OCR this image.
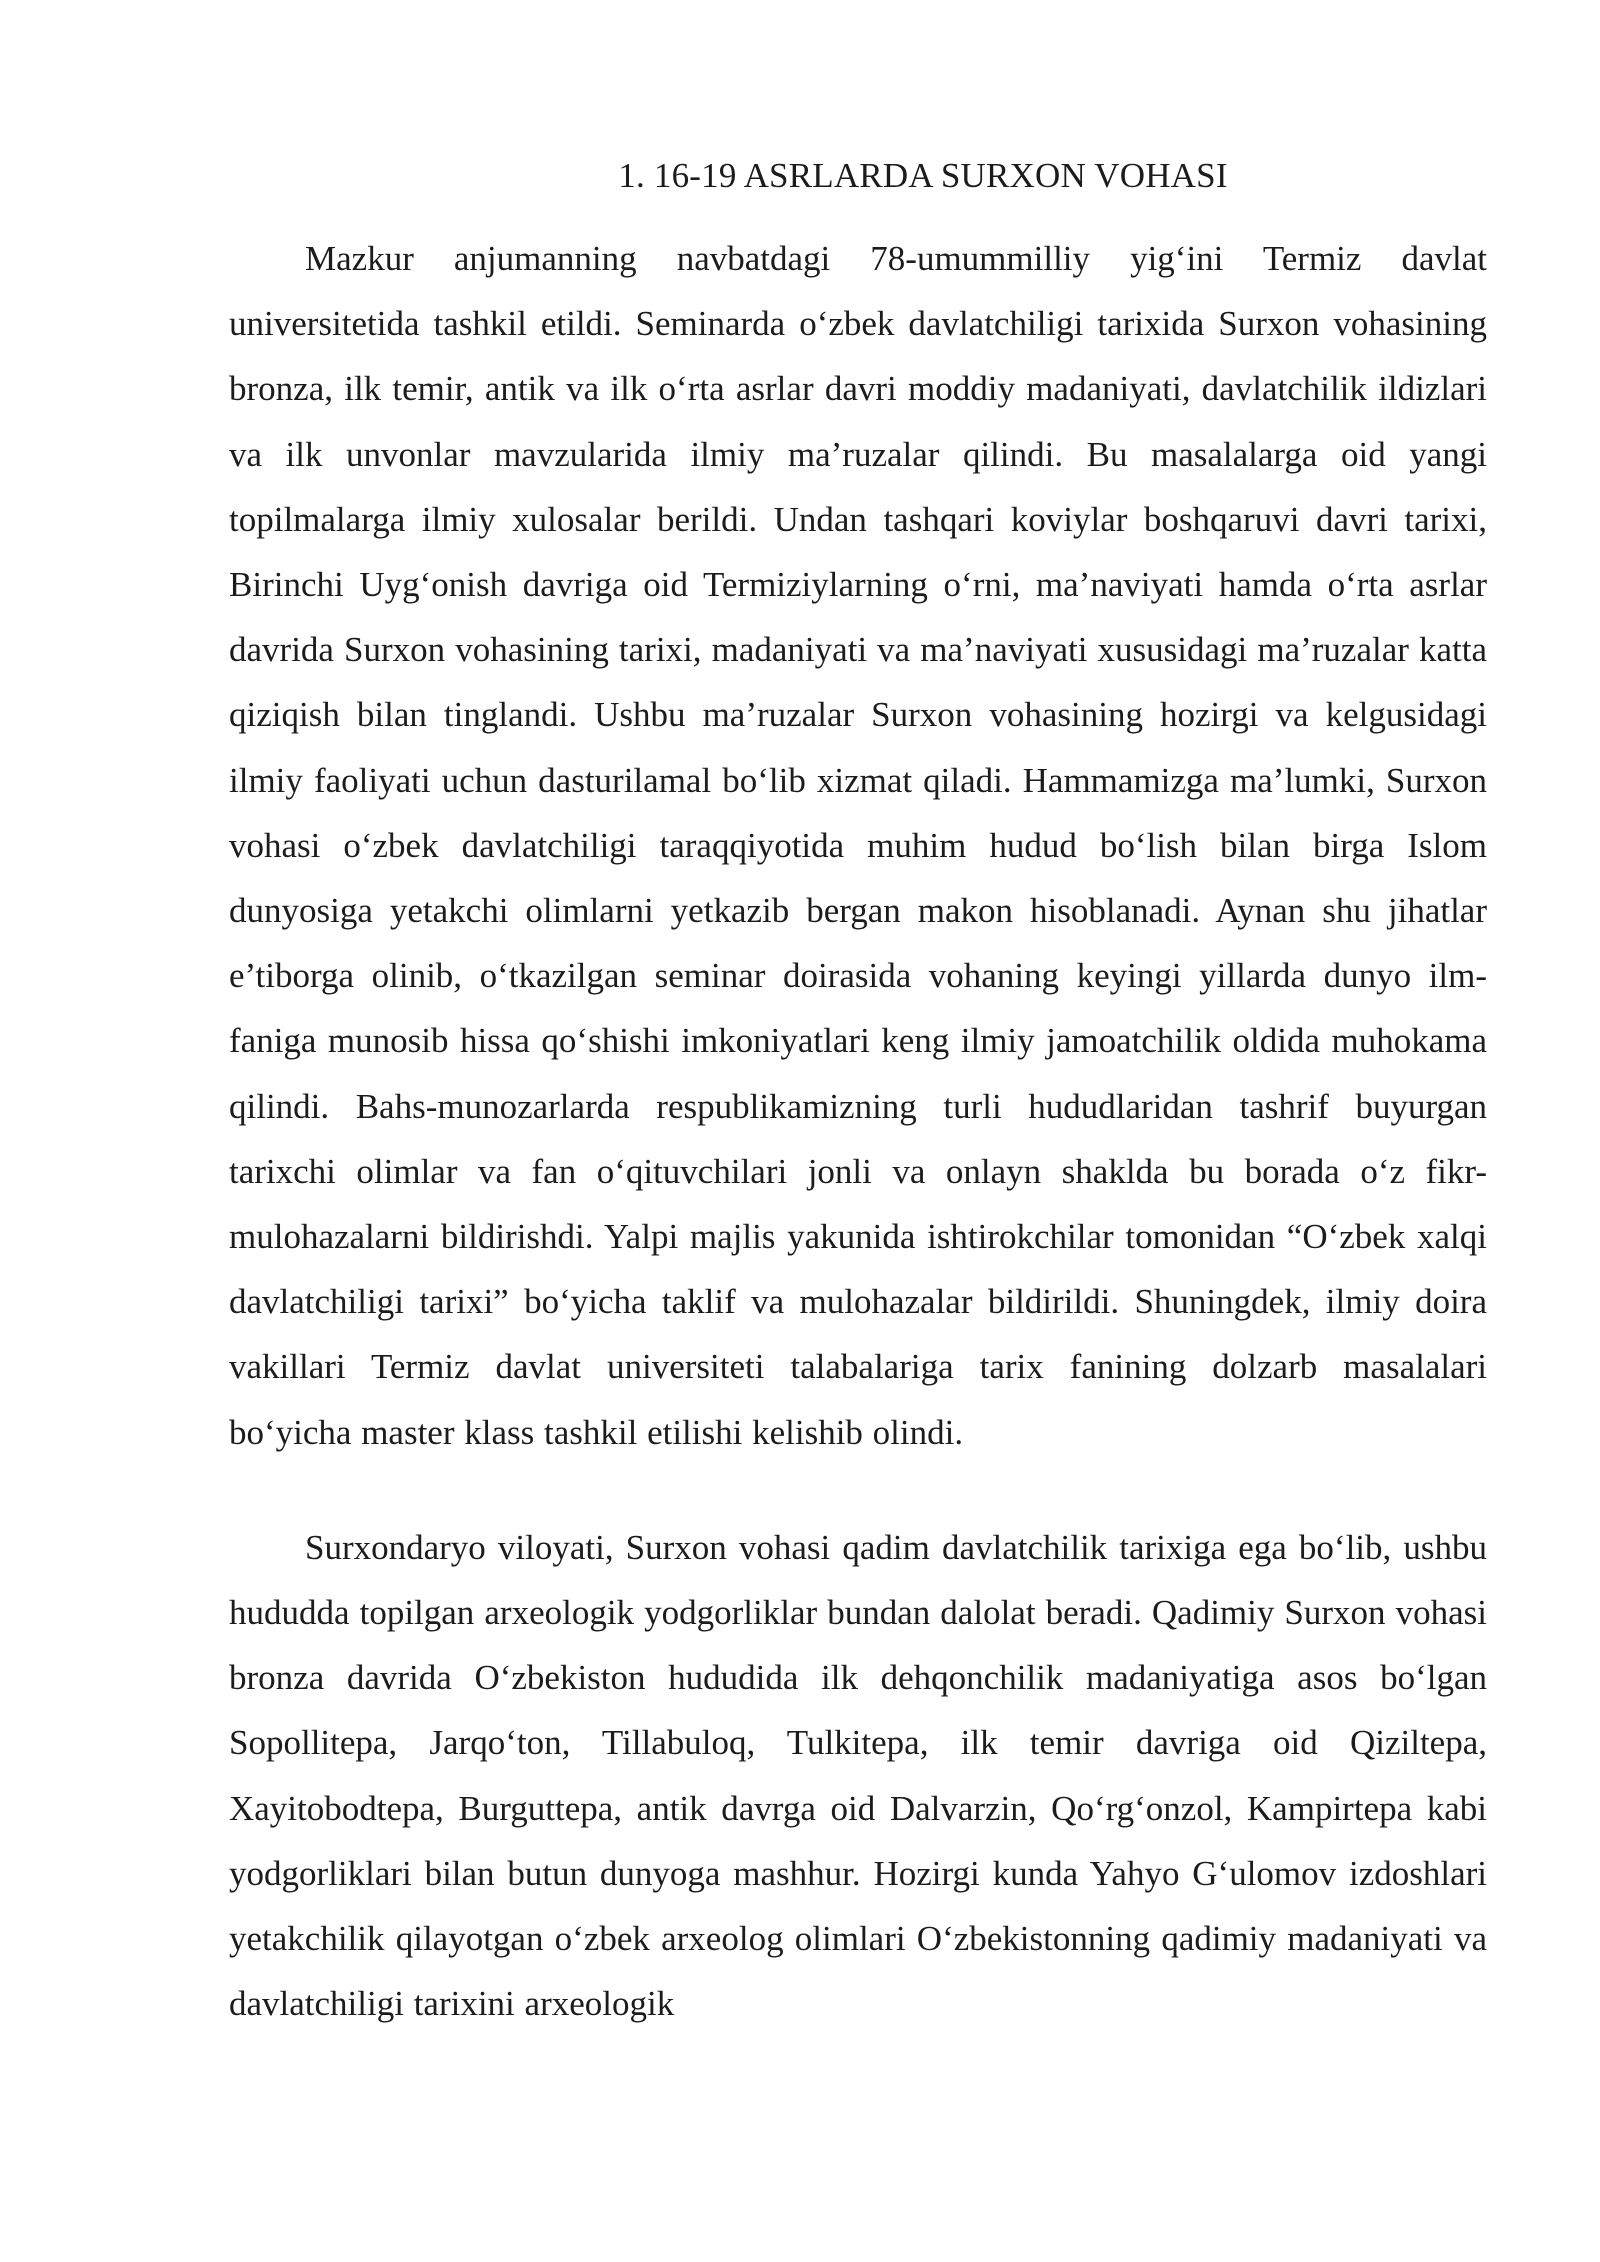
1. 16-19 ASRLARDA SURXON VOHASI

Mazkur anjumanning navbatdagi 78-umummilliy yig‘ini Termiz davlat universitetida tashkil etildi. Seminarda o‘zbek davlatchiligi tarixida Surxon vohasining bronza, ilk temir, antik va ilk o‘rta asrlar davri moddiy madaniyati, davlatchilik ildizlari va ilk unvonlar mavzularida ilmiy ma’ruzalar qilindi. Bu masalalarga oid yangi topilmalarga ilmiy xulosalar berildi. Undan tashqari koviylar boshqaruvi davri tarixi, Birinchi Uyg‘onish davriga oid Termiziylarning o‘rni, ma’naviyati hamda o‘rta asrlar davrida Surxon vohasining tarixi, madaniyati va ma’naviyati xususidagi ma’ruzalar katta qiziqish bilan tinglandi. Ushbu ma’ruzalar Surxon vohasining hozirgi va kelgusidagi ilmiy faoliyati uchun dasturilamal bo‘lib xizmat qiladi. Hammamizga ma’lumki, Surxon vohasi o‘zbek davlatchiligi taraqqiyotida muhim hudud bo‘lish bilan birga Islom dunyosiga yetakchi olimlarni yetkazib bergan makon hisoblanadi. Aynan shu jihatlar e’tiborga olinib, o‘tkazilgan seminar doirasida vohaning keyingi yillarda dunyo ilm-faniga munosib hissa qo‘shishi imkoniyatlari keng ilmiy jamoatchilik oldida muhokama qilindi. Bahs-munozarlarda respublikamizning turli hududlaridan tashrif buyurgan tarixchi olimlar va fan o‘qituvchilari jonli va onlayn shaklda bu borada o‘z fikr-mulohazalarni bildirishdi. Yalpi majlis yakunida ishtirokchilar tomonidan “O‘zbek xalqi davlatchiligi tarixi” bo‘yicha taklif va mulohazalar bildirildi. Shuningdek, ilmiy doira vakillari Termiz davlat universiteti talabalariga tarix fanining dolzarb masalalari bo‘yicha master klass tashkil etilishi kelishib olindi.

Surxondaryo viloyati, Surxon vohasi qadim davlatchilik tarixiga ega bo‘lib, ushbu hududda topilgan arxeologik yodgorliklar bundan dalolat beradi. Qadimiy Surxon vohasi bronza davrida O‘zbekiston hududida ilk dehqonchilik madaniyatiga asos bo‘lgan Sopollitepa, Jarqo‘ton, Tillabuloq, Tulkitepa, ilk temir davriga oid Qiziltepa, Xayitobodtepa, Burguttepa, antik davrga oid Dalvarzin, Qo‘rg‘onzol, Kampirtepa kabi yodgorliklari bilan butun dunyoga mashhur. Hozirgi kunda Yahyo G‘ulomov izdoshlari yetakchilik qilayotgan o‘zbek arxeolog olimlari O‘zbekistonning qadimiy madaniyati va davlatchiligi tarixini arxeologik
